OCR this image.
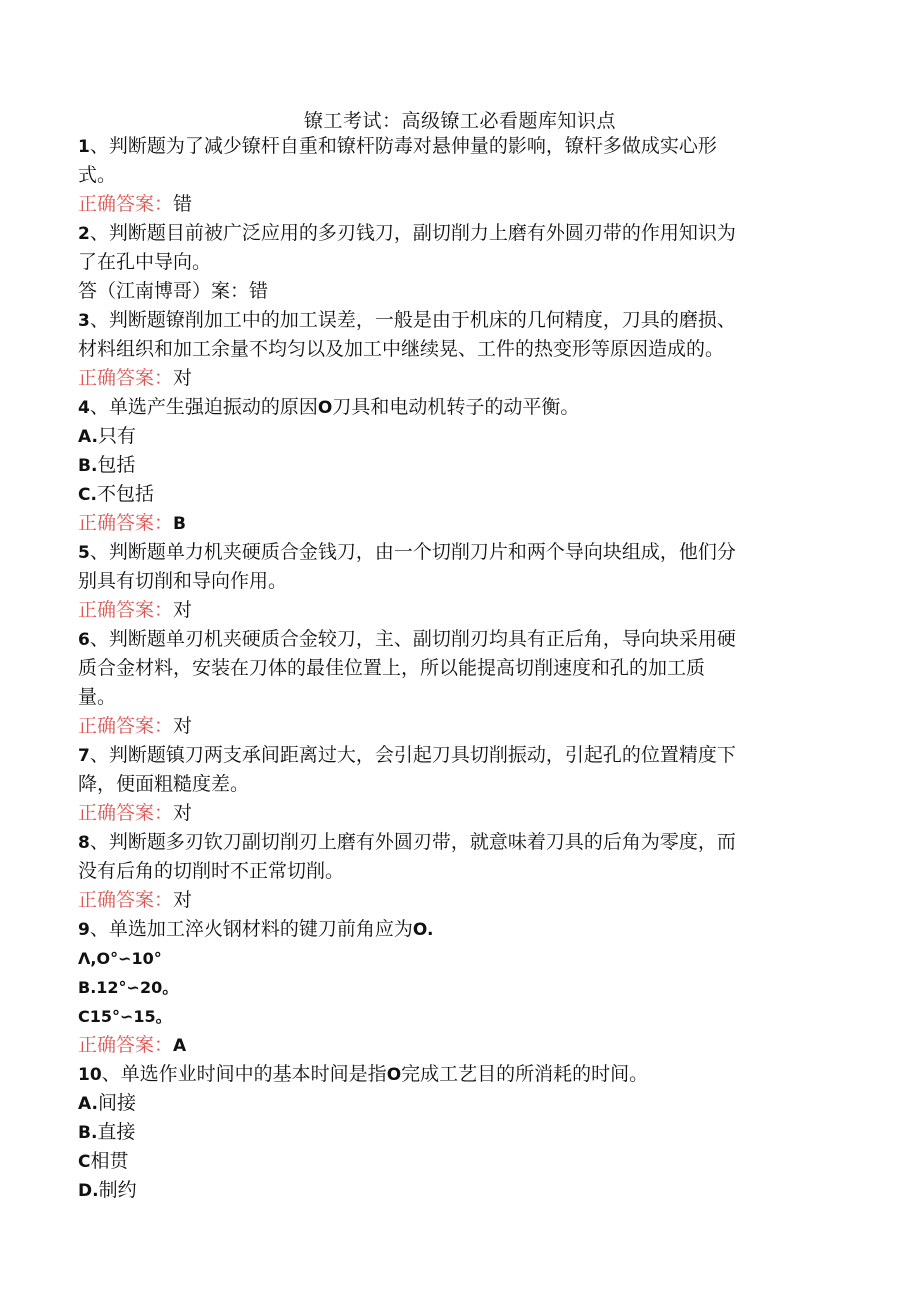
镣工考试：高级镣工必看题库知识点
1、判断题为了减少镣杆自重和镣杆防毒对悬伸量的影响，镣杆多做成实心形
式。
正确答案：错
2、判断题目前被广泛应用的多刃钱刀，副切削力上磨有外圆刃带的作用知识为
了在孔中导向。
答（江南博哥）案：错
3、判断题镣削加工中的加工误差，一般是由于机床的几何精度，刀具的磨损、
材料组织和加工余量不均匀以及加工中继续晃、工件的热变形等原因造成的。
正确答案：对
4、单选产生强迫振动的原因O刀具和电动机转子的动平衡。
A.只有
B.包括
C.不包括
正确答案：B
5、判断题单力机夹硬质合金钱刀，由一个切削刀片和两个导向块组成，他们分
别具有切削和导向作用。
正确答案：对
6、判断题单刃机夹硬质合金较刀，主、副切削刃均具有正后角，导向块采用硬
质合金材料，安装在刀体的最佳位置上，所以能提高切削速度和孔的加工质
量。
正确答案：对
7、判断题镇刀两支承间距离过大，会引起刀具切削振动，引起孔的位置精度下
降，便面粗糙度差。
正确答案：对
8、判断题多刃钦刀副切削刃上磨有外圆刃带，就意味着刀具的后角为零度，而
没有后角的切削时不正常切削。
正确答案：对
9、单选加工淬火钢材料的键刀前角应为O.
Λ,O°∽10°
B.12°∽20。
C15°∽15。
正确答案：A
10、单选作业时间中的基本时间是指O完成工艺目的所消耗的时间。
A.间接
B.直接
C相贯
D.制约
